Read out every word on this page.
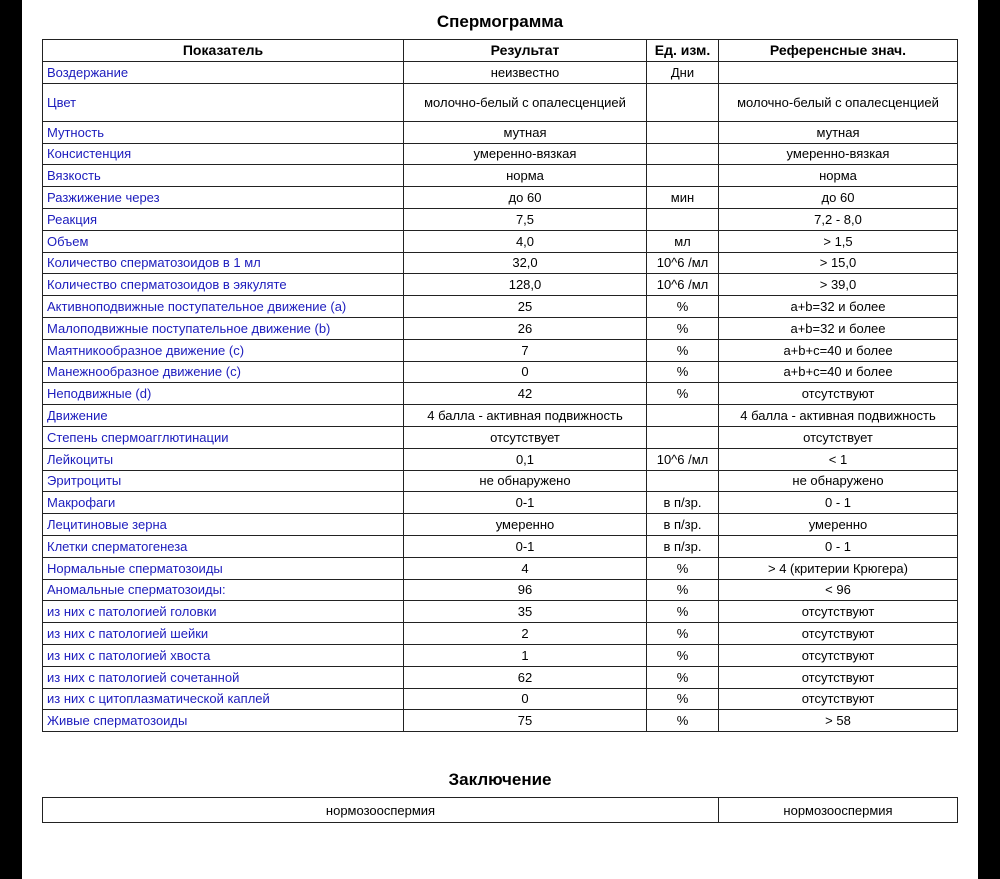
Спермограмма
Показатель	Результат	Ед. изм.	Референсные знач.
Воздержание	неизвестно	Дни	
Цвет	молочно-белый с опалесценцией		молочно-белый с опалесценцией
Мутность	мутная		мутная
Консистенция	умеренно-вязкая		умеренно-вязкая
Вязкость	норма		норма
Разжижение через	до 60	мин	до 60
Реакция	7,5		7,2 - 8,0
Объем	4,0	мл	> 1,5
Количество сперматозоидов в 1 мл	32,0	10^6 /мл	> 15,0
Количество сперматозоидов в эякуляте	128,0	10^6 /мл	> 39,0
Активноподвижные поступательное движение (a)	25	%	a+b=32 и более
Малоподвижные поступательное движение (b)	26	%	a+b=32 и более
Маятникообразное движение (c)	7	%	a+b+c=40 и более
Манежнообразное движение (c)	0	%	a+b+c=40 и более
Неподвижные (d)	42	%	отсутствуют
Движение	4 балла - активная подвижность		4 балла - активная подвижность
Степень спермоагглютинации	отсутствует		отсутствует
Лейкоциты	0,1	10^6 /мл	< 1
Эритроциты	не обнаружено		не обнаружено
Макрофаги	0-1	в п/зр.	0 - 1
Лецитиновые зерна	умеренно	в п/зр.	умеренно
Клетки сперматогенеза	0-1	в п/зр.	0 - 1
Нормальные сперматозоиды	4	%	> 4 (критерии Крюгера)
Аномальные сперматозоиды:	96	%	< 96
из них с патологией головки	35	%	отсутствуют
из них с патологией шейки	2	%	отсутствуют
из них с патологией хвоста	1	%	отсутствуют
из них с патологией сочетанной	62	%	отсутствуют
из них с цитоплазматической каплей	0	%	отсутствуют
Живые сперматозоиды	75	%	> 58
Заключение
нормозооспермия	нормозооспермия
